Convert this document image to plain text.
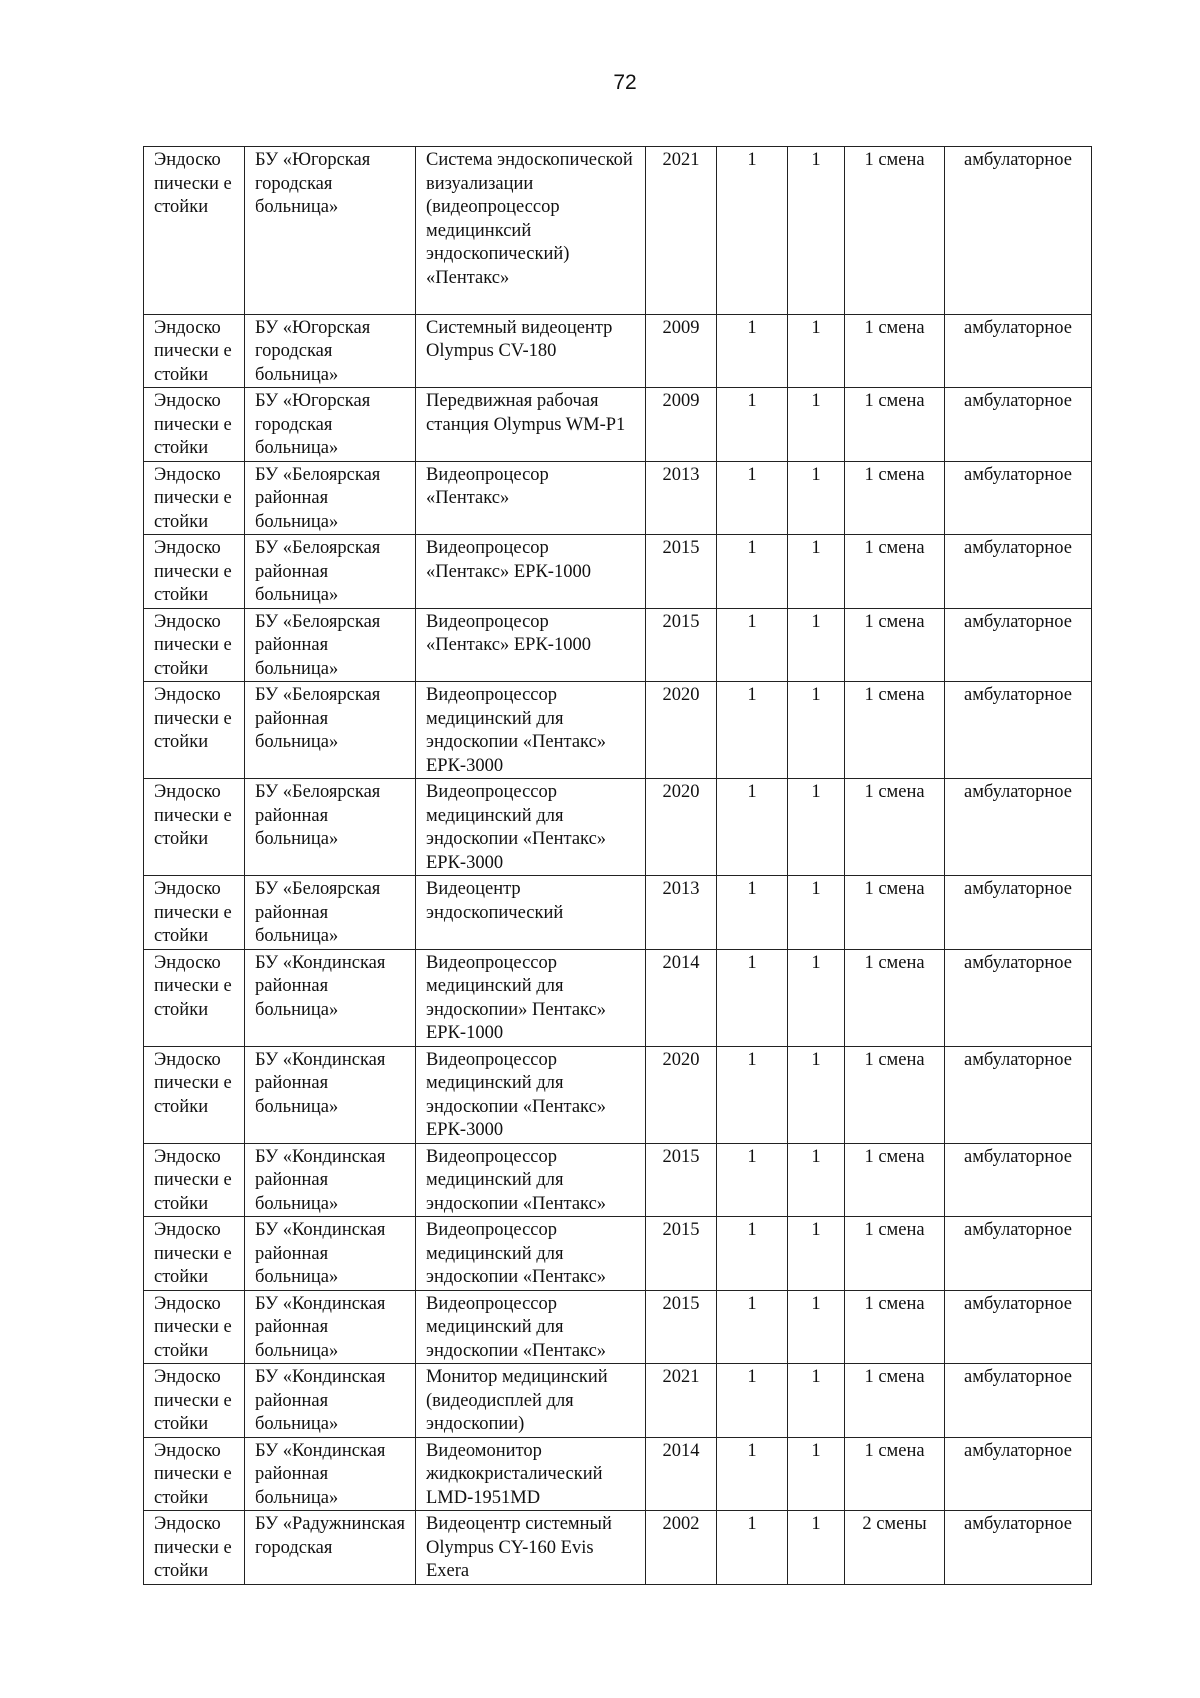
72
Эндоско пически е стойки	БУ «Югорская городская больница»	Система эндоскопической визуализации (видеопроцессор медицинксий эндоскопический) «Пентакс»	2021	1	1	1 смена	амбулаторное

Эндоско пически е стойки	БУ «Югорская городская больница»	Системный видеоцентр Olympus CV-180	2009	1	1	1 смена	амбулаторное

Эндоско пически е стойки	БУ «Югорская городская больница»	Передвижная рабочая станция Olympus WM-P1	2009	1	1	1 смена	амбулаторное

Эндоско пически е стойки	БУ «Белоярская районная больница»	Видеопроцесор «Пентакс»	2013	1	1	1 смена	амбулаторное

Эндоско пически е стойки	БУ «Белоярская районная больница»	Видеопроцесор «Пентакс» ЕРК-1000	2015	1	1	1 смена	амбулаторное

Эндоско пически е стойки	БУ «Белоярская районная больница»	Видеопроцесор «Пентакс» ЕРК-1000	2015	1	1	1 смена	амбулаторное

Эндоско пически е стойки	БУ «Белоярская районная больница»	Видеопроцессор медицинский для эндоскопии «Пентакс» ЕРК-3000	2020	1	1	1 смена	амбулаторное

Эндоско пически е стойки	БУ «Белоярская районная больница»	Видеопроцессор медицинский для эндоскопии «Пентакс» ЕРК-3000	2020	1	1	1 смена	амбулаторное

Эндоско пически е стойки	БУ «Белоярская районная больница»	Видеоцентр эндоскопический	2013	1	1	1 смена	амбулаторное

Эндоско пически е стойки	БУ «Кондинская районная больница»	Видеопроцессор медицинский для эндоскопии» Пентакс» ЕРК-1000	2014	1	1	1 смена	амбулаторное

Эндоско пически е стойки	БУ «Кондинская районная больница»	Видеопроцессор медицинский для эндоскопии «Пентакс» ЕРК-3000	2020	1	1	1 смена	амбулаторное

Эндоско пически е стойки	БУ «Кондинская районная больница»	Видеопроцессор медицинский для эндоскопии «Пентакс»	2015	1	1	1 смена	амбулаторное

Эндоско пически е стойки	БУ «Кондинская районная больница»	Видеопроцессор медицинский для эндоскопии «Пентакс»	2015	1	1	1 смена	амбулаторное

Эндоско пически е стойки	БУ «Кондинская районная больница»	Видеопроцессор медицинский для эндоскопии «Пентакс»	2015	1	1	1 смена	амбулаторное

Эндоско пически е стойки	БУ «Кондинская районная больница»	Монитор медицинский (видеодисплей для эндоскопии)	2021	1	1	1 смена	амбулаторное

Эндоско пически е стойки	БУ «Кондинская районная больница»	Видеомонитор жидкокристалический LMD-1951MD	2014	1	1	1 смена	амбулаторное

Эндоско пически е стойки	БУ «Радужнинская городская	Видеоцентр системный Olympus CY-160 Evis Exera	2002	1	1	2 смены	амбулаторное
